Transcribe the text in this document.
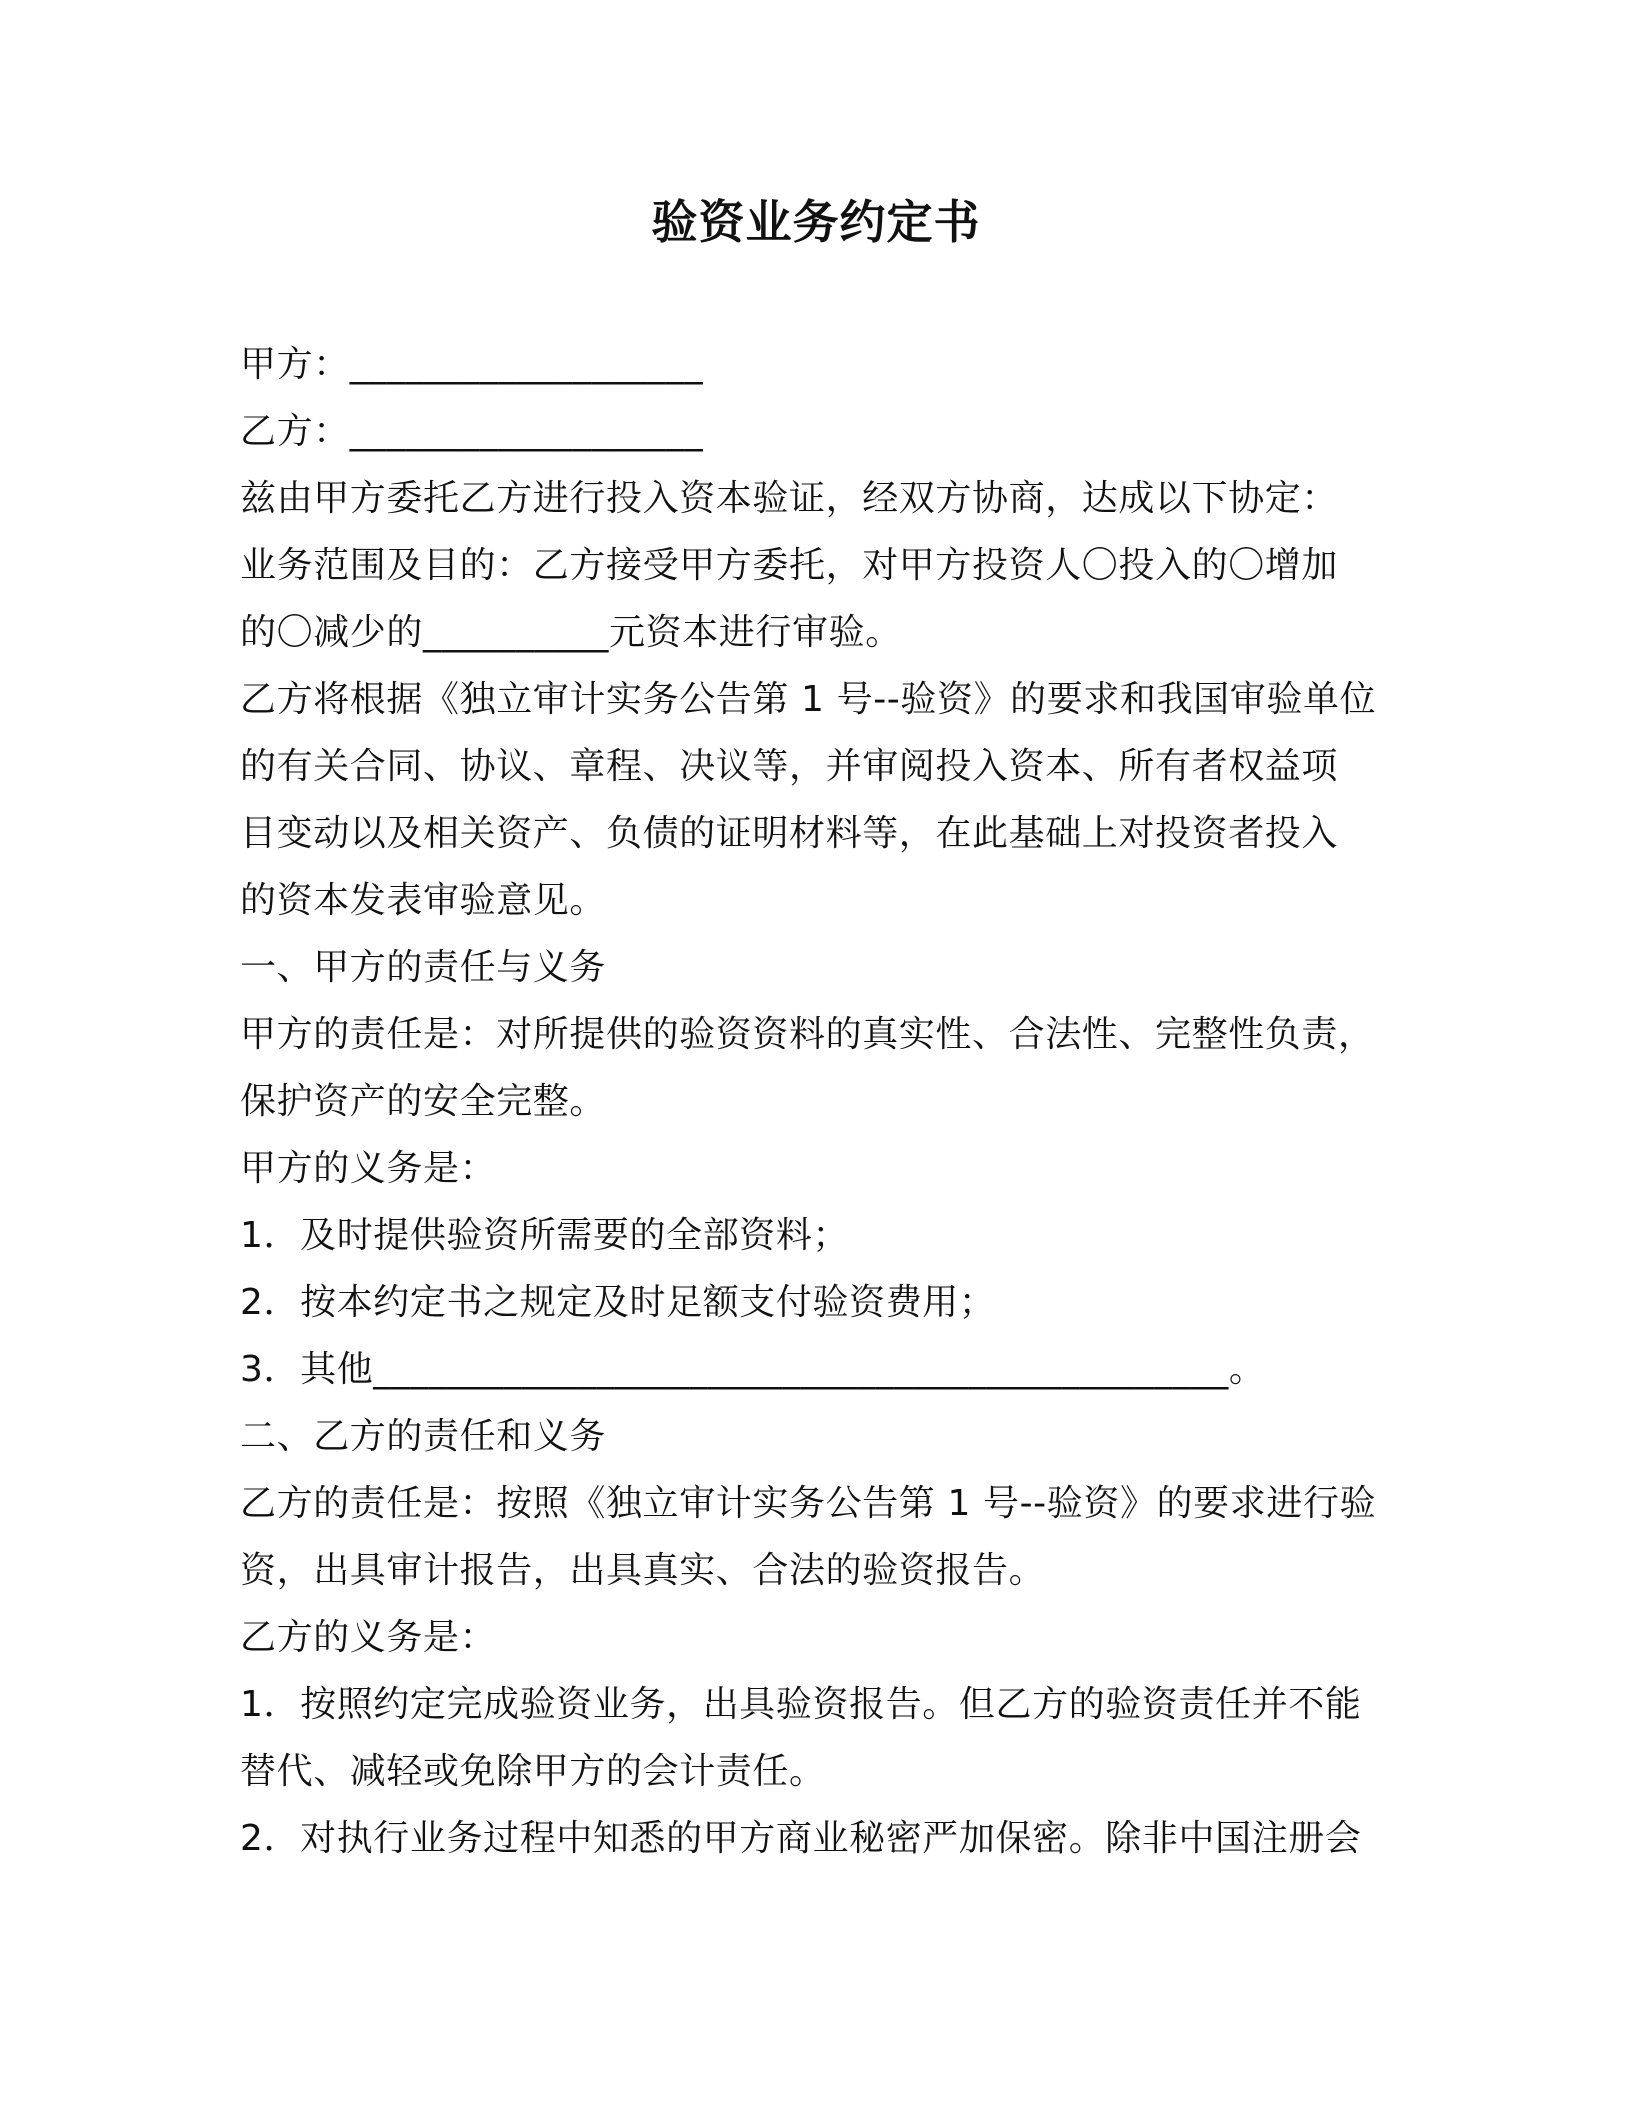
验资业务约定书
甲方：___________________
乙方：___________________
兹由甲方委托乙方进行投入资本验证，经双方协商，达成以下协定：
业务范围及目的：乙方接受甲方委托，对甲方投资人〇投入的〇增加
的〇减少的__________元资本进行审验。
乙方将根据《独立审计实务公告第 1 号--验资》的要求和我国审验单位
的有关合同、协议、章程、决议等，并审阅投入资本、所有者权益项
目变动以及相关资产、负债的证明材料等，在此基础上对投资者投入
的资本发表审验意见。
一、甲方的责任与义务
甲方的责任是：对所提供的验资资料的真实性、合法性、完整性负责，
保护资产的安全完整。
甲方的义务是：
1．及时提供验资所需要的全部资料；
2．按本约定书之规定及时足额支付验资费用；
3．其他______________________________________________。
二、乙方的责任和义务
乙方的责任是：按照《独立审计实务公告第 1 号--验资》的要求进行验
资，出具审计报告，出具真实、合法的验资报告。
乙方的义务是：
1．按照约定完成验资业务，出具验资报告。但乙方的验资责任并不能
替代、减轻或免除甲方的会计责任。
2．对执行业务过程中知悉的甲方商业秘密严加保密。除非中国注册会
